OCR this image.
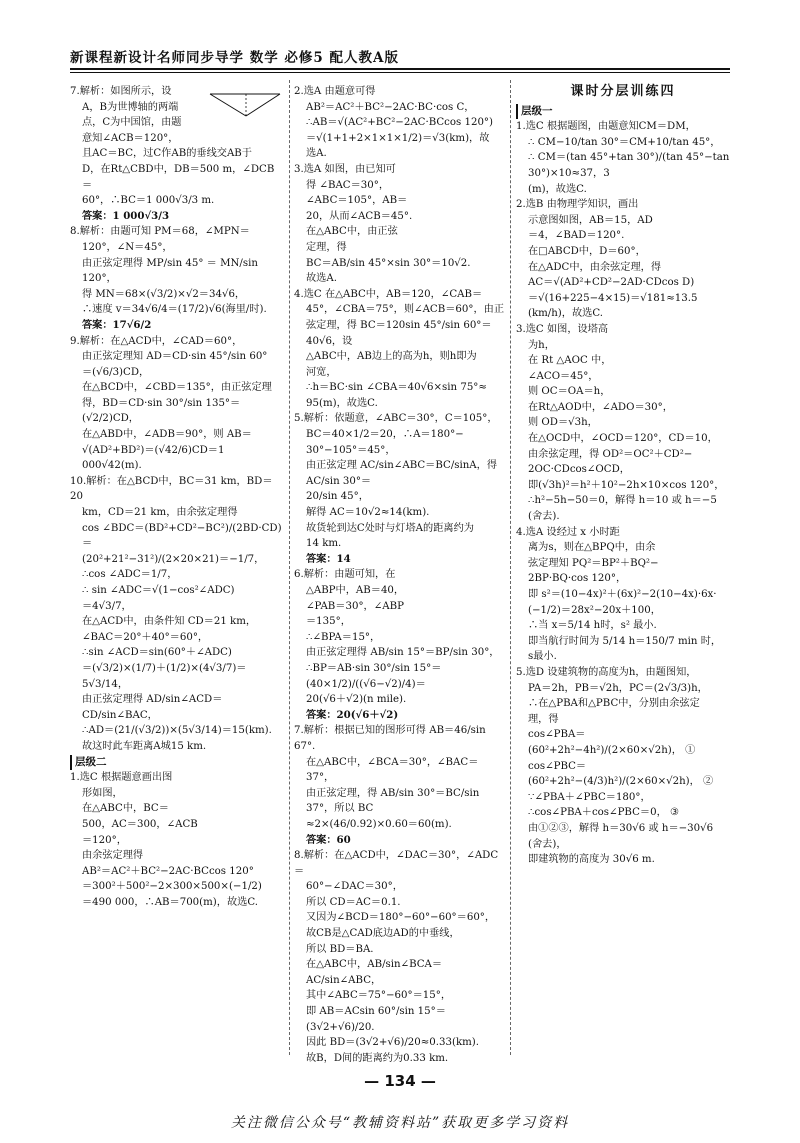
新课程新设计名师同步导学 数学 必修5 配人教A版

7.解析：如图所示，设

A，B为世博轴的两端

点，C为中国馆，由题

意知∠ACB＝120°，

且AC＝BC，过C作AB的垂线交AB于

D，在Rt△CBD中，DB＝500 m，∠DCB＝

60°，∴BC＝1 000√3/3 m.

答案：1 000√3/3

8.解析：由题可知 PM＝68，∠MPN＝

120°，∠N＝45°，

由正弦定理得 MP/sin 45° ＝ MN/sin 120°，

得 MN＝68×(√3/2)×√2＝34√6，

∴速度 v＝34√6/4＝(17/2)√6(海里/时).

答案：17√6/2

9.解析：在△ACD中，∠CAD＝60°，

由正弦定理知 AD＝CD·sin 45°/sin 60°

＝(√6/3)CD，

在△BCD中，∠CBD＝135°，由正弦定理

得，BD＝CD·sin 30°/sin 135°＝(√2/2)CD，

在△ABD中，∠ADB＝90°，则 AB＝

√(AD²+BD²)＝(√42/6)CD＝1 000√42(m).

10.解析：在△BCD中，BC＝31 km，BD＝20

km，CD＝21 km，由余弦定理得

cos ∠BDC＝(BD²+CD²−BC²)/(2BD·CD)＝

(20²+21²−31²)/(2×20×21)＝−1/7，

∴cos ∠ADC＝1/7，

∴ sin ∠ADC＝√(1−cos²∠ADC)

＝4√3/7，

在△ACD中，由条件知 CD＝21 km，

∠BAC＝20°＋40°＝60°，

∴sin ∠ACD＝sin(60°＋∠ADC)

＝(√3/2)×(1/7)＋(1/2)×(4√3/7)＝5√3/14，

由正弦定理得 AD/sin∠ACD＝CD/sin∠BAC，

∴AD＝(21/(√3/2))×(5√3/14)＝15(km).

故这时此车距离A城15 km.

层级二

1.选C 根据题意画出图

形如图，

在△ABC中，BC＝

500，AC＝300，∠ACB

＝120°，

由余弦定理得

AB²＝AC²＋BC²−2AC·BCcos 120°

＝300²＋500²−2×300×500×(−1/2)

＝490 000，∴AB＝700(m)，故选C.

2.选A 由题意可得

AB²＝AC²＋BC²−2AC·BC·cos C，

∴AB＝√(AC²+BC²−2AC·BCcos 120°)

＝√(1+1+2×1×1×1/2)＝√3(km)，故

选A.

3.选A 如图，由已知可

得 ∠BAC＝30°，

∠ABC＝105°，AB＝

20，从而∠ACB＝45°.

在△ABC中，由正弦

定理，得

BC＝AB/sin 45°×sin 30°＝10√2.

故选A.

4.选C 在△ABC中，AB＝120，∠CAB＝

45°，∠CBA＝75°，则∠ACB＝60°，由正

弦定理，得 BC＝120sin 45°/sin 60°＝40√6，设

△ABC中，AB边上的高为h，则h即为

河宽，

∴h＝BC·sin ∠CBA＝40√6×sin 75°≈

95(m)，故选C.

5.解析：依题意，∠ABC＝30°，C＝105°，

BC＝40×1/2＝20，∴A＝180°−

30°−105°＝45°，

由正弦定理 AC/sin∠ABC＝BC/sinA，得 AC/sin 30°＝

20/sin 45°，

解得 AC＝10√2≈14(km).

故货轮到达C处时与灯塔A的距离约为

14 km.

答案：14

6.解析：由题可知，在

△ABP中，AB＝40，

∠PAB＝30°，∠ABP

＝135°，

∴∠BPA＝15°，

由正弦定理得 AB/sin 15°＝BP/sin 30°，

∴BP＝AB·sin 30°/sin 15°＝(40×1/2)/((√6−√2)/4)＝

20(√6＋√2)(n mile).

答案：20(√6＋√2)

7.解析：根据已知的图形可得 AB＝46/sin 67°.

在△ABC中，∠BCA＝30°，∠BAC＝37°，

由正弦定理，得 AB/sin 30°＝BC/sin 37°，所以 BC

≈2×(46/0.92)×0.60＝60(m).

答案：60

8.解析：在△ACD中，∠DAC＝30°，∠ADC＝

60°−∠DAC＝30°，

所以 CD＝AC＝0.1.

又因为∠BCD＝180°−60°−60°＝60°，

故CB是△CAD底边AD的中垂线，

所以 BD＝BA.

在△ABC中，AB/sin∠BCA＝AC/sin∠ABC，

其中∠ABC＝75°−60°＝15°，

即 AB＝ACsin 60°/sin 15°＝(3√2+√6)/20.

因此 BD＝(3√2+√6)/20≈0.33(km).

故B，D间的距离约为0.33 km.

课时分层训练四

层级一

1.选C 根据题图，由题意知CM＝DM，

∴ CM−10/tan 30°＝CM+10/tan 45°，

∴ CM＝(tan 45°+tan 30°)/(tan 45°−tan 30°)×10≈37，3

(m)，故选C.

2.选B 由物理学知识，画出

示意图如图，AB＝15，AD

＝4，∠BAD＝120°.

在□ABCD中，D＝60°，

在△ADC中，由余弦定理，得

AC＝√(AD²+CD²−2AD·CDcos D)

＝√(16+225−4×15)＝√181≈13.5

(km/h)，故选C.

3.选C 如图，设塔高

为h，

在 Rt △AOC 中，

∠ACO＝45°，

则 OC＝OA＝h，

在Rt△AOD中，∠ADO＝30°，

则 OD＝√3h，

在△OCD中，∠OCD＝120°，CD＝10，

由余弦定理，得 OD²＝OC²＋CD²−

2OC·CDcos∠OCD，

即(√3h)²＝h²＋10²−2h×10×cos 120°，

∴h²−5h−50＝0，解得 h＝10 或 h＝−5

(舍去).

4.选A 设经过 x 小时距

离为s，则在△BPQ中，由余

弦定理知 PQ²＝BP²＋BQ²−

2BP·BQ·cos 120°，

即 s²＝(10−4x)²＋(6x)²−2(10−4x)·6x·

(−1/2)＝28x²−20x＋100，

∴当 x＝5/14 h时，s² 最小.

即当航行时间为 5/14 h＝150/7 min 时，

s最小.

5.选D 设建筑物的高度为h，由题图知，

PA＝2h，PB＝√2h，PC＝(2√3/3)h，

∴在△PBA和△PBC中，分别由余弦定

理，得

cos∠PBA＝(60²+2h²−4h²)/(2×60×√2h)， ①

cos∠PBC＝(60²+2h²−(4/3)h²)/(2×60×√2h)， ②

∵∠PBA＋∠PBC＝180°，

∴cos∠PBA＋cos∠PBC＝0， ③

由①②③，解得 h＝30√6 或 h＝−30√6

(舍去)，

即建筑物的高度为 30√6 m.

— 134 —
关注微信公众号“教辅资料站”获取更多学习资料
